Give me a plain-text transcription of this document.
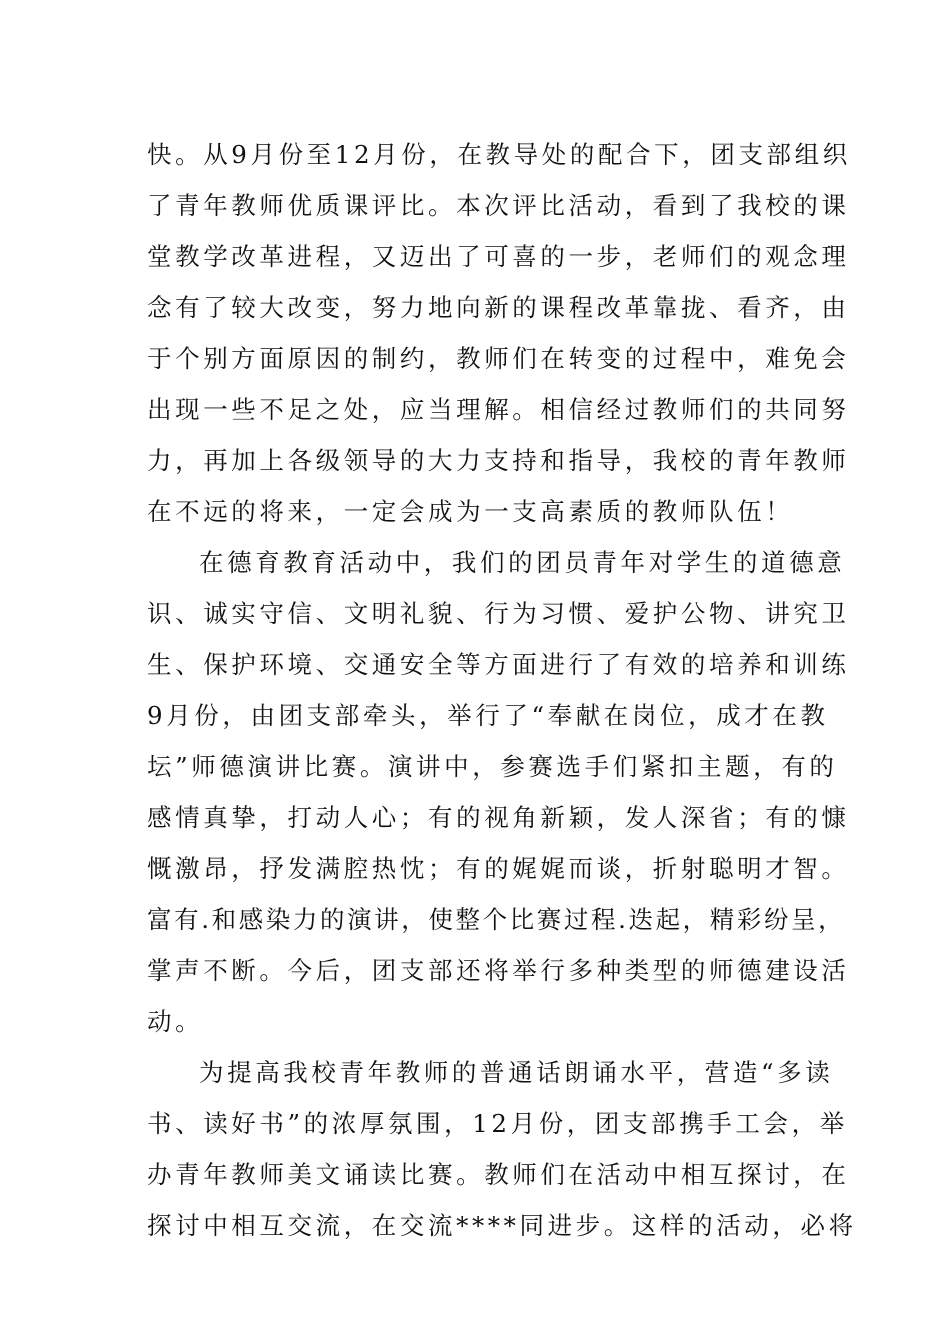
快。从9月份至12月份，在教导处的配合下，团支部组织
了青年教师优质课评比。本次评比活动，看到了我校的课
堂教学改革进程，又迈出了可喜的一步，老师们的观念理
念有了较大改变，努力地向新的课程改革靠拢、看齐，由
于个别方面原因的制约，教师们在转变的过程中，难免会
出现一些不足之处，应当理解。相信经过教师们的共同努
力，再加上各级领导的大力支持和指导，我校的青年教师
在不远的将来，一定会成为一支高素质的教师队伍！
在德育教育活动中，我们的团员青年对学生的道德意
识、诚实守信、文明礼貌、行为习惯、爱护公物、讲究卫
生、保护环境、交通安全等方面进行了有效的培养和训练
9月份，由团支部牵头，举行了“奉献在岗位，成才在教
坛”师德演讲比赛。演讲中，参赛选手们紧扣主题，有的
感情真挚，打动人心；有的视角新颖，发人深省；有的慷
慨激昂，抒发满腔热忱；有的娓娓而谈，折射聪明才智。
富有.和感染力的演讲，使整个比赛过程.迭起，精彩纷呈，
掌声不断。今后，团支部还将举行多种类型的师德建设活
动。
为提高我校青年教师的普通话朗诵水平，营造“多读
书、读好书”的浓厚氛围，12月份，团支部携手工会，举
办青年教师美文诵读比赛。教师们在活动中相互探讨，在
探讨中相互交流，在交流****同进步。这样的活动，必将
